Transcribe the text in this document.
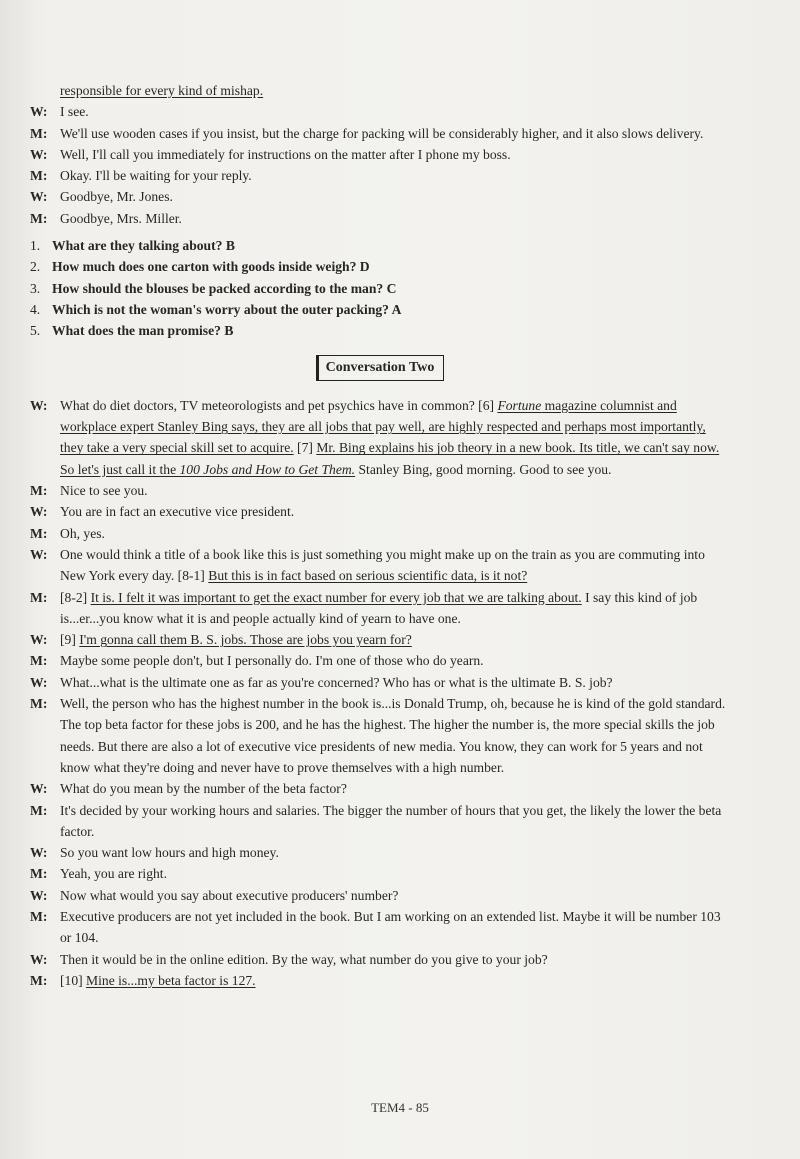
responsible for every kind of mishap.
W: I see.
M: We'll use wooden cases if you insist, but the charge for packing will be considerably higher, and it also slows delivery.
W: Well, I'll call you immediately for instructions on the matter after I phone my boss.
M: Okay. I'll be waiting for your reply.
W: Goodbye, Mr. Jones.
M: Goodbye, Mrs. Miller.
1. What are they talking about? B
2. How much does one carton with goods inside weigh? D
3. How should the blouses be packed according to the man? C
4. Which is not the woman's worry about the outer packing? A
5. What does the man promise? B
Conversation Two
W: What do diet doctors, TV meteorologists and pet psychics have in common? [6] Fortune magazine columnist and workplace expert Stanley Bing says, they are all jobs that pay well, are highly respected and perhaps most importantly, they take a very special skill set to acquire. [7] Mr. Bing explains his job theory in a new book. Its title, we can't say now. So let's just call it the 100 Jobs and How to Get Them. Stanley Bing, good morning. Good to see you.
M: Nice to see you.
W: You are in fact an executive vice president.
M: Oh, yes.
W: One would think a title of a book like this is just something you might make up on the train as you are commuting into New York every day. [8-1] But this is in fact based on serious scientific data, is it not?
M: [8-2] It is. I felt it was important to get the exact number for every job that we are talking about. I say this kind of job is...er...you know what it is and people actually kind of yearn to have one.
W: [9] I'm gonna call them B. S. jobs. Those are jobs you yearn for?
M: Maybe some people don't, but I personally do. I'm one of those who do yearn.
W: What...what is the ultimate one as far as you're concerned? Who has or what is the ultimate B. S. job?
M: Well, the person who has the highest number in the book is...is Donald Trump, oh, because he is kind of the gold standard. The top beta factor for these jobs is 200, and he has the highest. The higher the number is, the more special skills the job needs. But there are also a lot of executive vice presidents of new media. You know, they can work for 5 years and not know what they're doing and never have to prove themselves with a high number.
W: What do you mean by the number of the beta factor?
M: It's decided by your working hours and salaries. The bigger the number of hours that you get, the likely the lower the beta factor.
W: So you want low hours and high money.
M: Yeah, you are right.
W: Now what would you say about executive producers' number?
M: Executive producers are not yet included in the book. But I am working on an extended list. Maybe it will be number 103 or 104.
W: Then it would be in the online edition. By the way, what number do you give to your job?
M: [10] Mine is...my beta factor is 127.
TEM4 - 85
